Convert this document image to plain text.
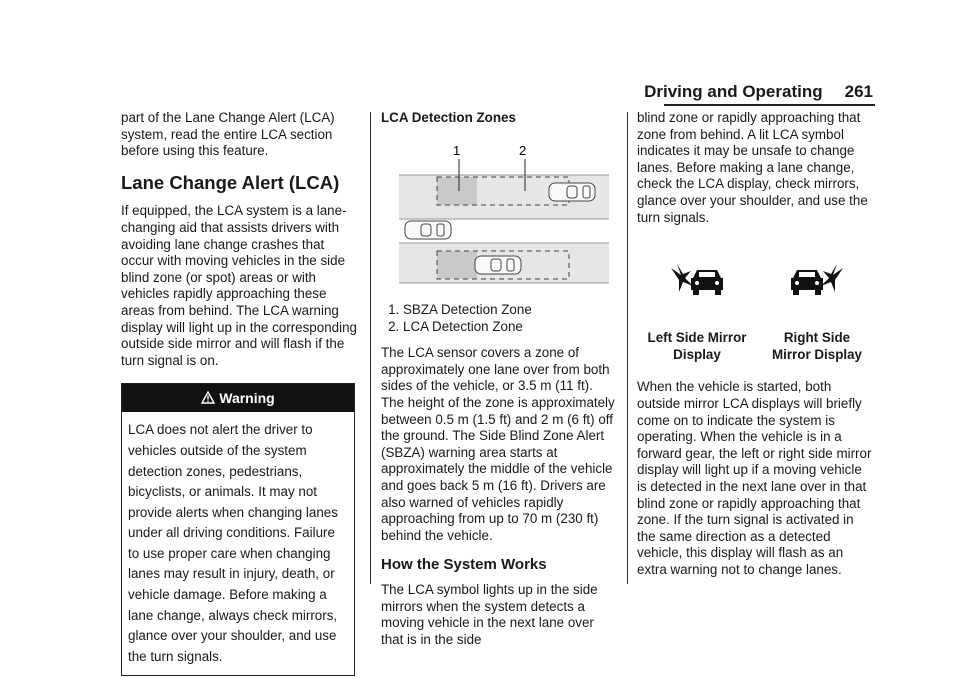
Driving and Operating 261

part of the Lane Change Alert (LCA) system, read the entire LCA section before using this feature.

Lane Change Alert (LCA)

If equipped, the LCA system is a lane-changing aid that assists drivers with avoiding lane change crashes that occur with moving vehicles in the side blind zone (or spot) areas or with vehicles rapidly approaching these areas from behind. The LCA warning display will light up in the corresponding outside side mirror and will flash if the turn signal is on.

Warning
LCA does not alert the driver to vehicles outside of the system detection zones, pedestrians, bicyclists, or animals. It may not provide alerts when changing lanes under all driving conditions. Failure to use proper care when changing lanes may result in injury, death, or vehicle damage. Before making a lane change, always check mirrors, glance over your shoulder, and use the turn signals.
LCA Detection Zones
1	2
1. SBZA Detection Zone
2. LCA Detection Zone

The LCA sensor covers a zone of approximately one lane over from both sides of the vehicle, or 3.5 m (11 ft). The height of the zone is approximately between 0.5 m (1.5 ft) and 2 m (6 ft) off the ground. The Side Blind Zone Alert (SBZA) warning area starts at approximately the middle of the vehicle and goes back 5 m (16 ft). Drivers are also warned of vehicles rapidly approaching from up to 70 m (230 ft) behind the vehicle.

How the System Works

The LCA symbol lights up in the side mirrors when the system detects a moving vehicle in the next lane over that is in the side

blind zone or rapidly approaching that zone from behind. A lit LCA symbol indicates it may be unsafe to change lanes. Before making a lane change, check the LCA display, check mirrors, glance over your shoulder, and use the turn signals.

Left Side Mirror Display
Right Side Mirror Display

When the vehicle is started, both outside mirror LCA displays will briefly come on to indicate the system is operating. When the vehicle is in a forward gear, the left or right side mirror display will light up if a moving vehicle is detected in the next lane over in that blind zone or rapidly approaching that zone. If the turn signal is activated in the same direction as a detected vehicle, this display will flash as an extra warning not to change lanes.
